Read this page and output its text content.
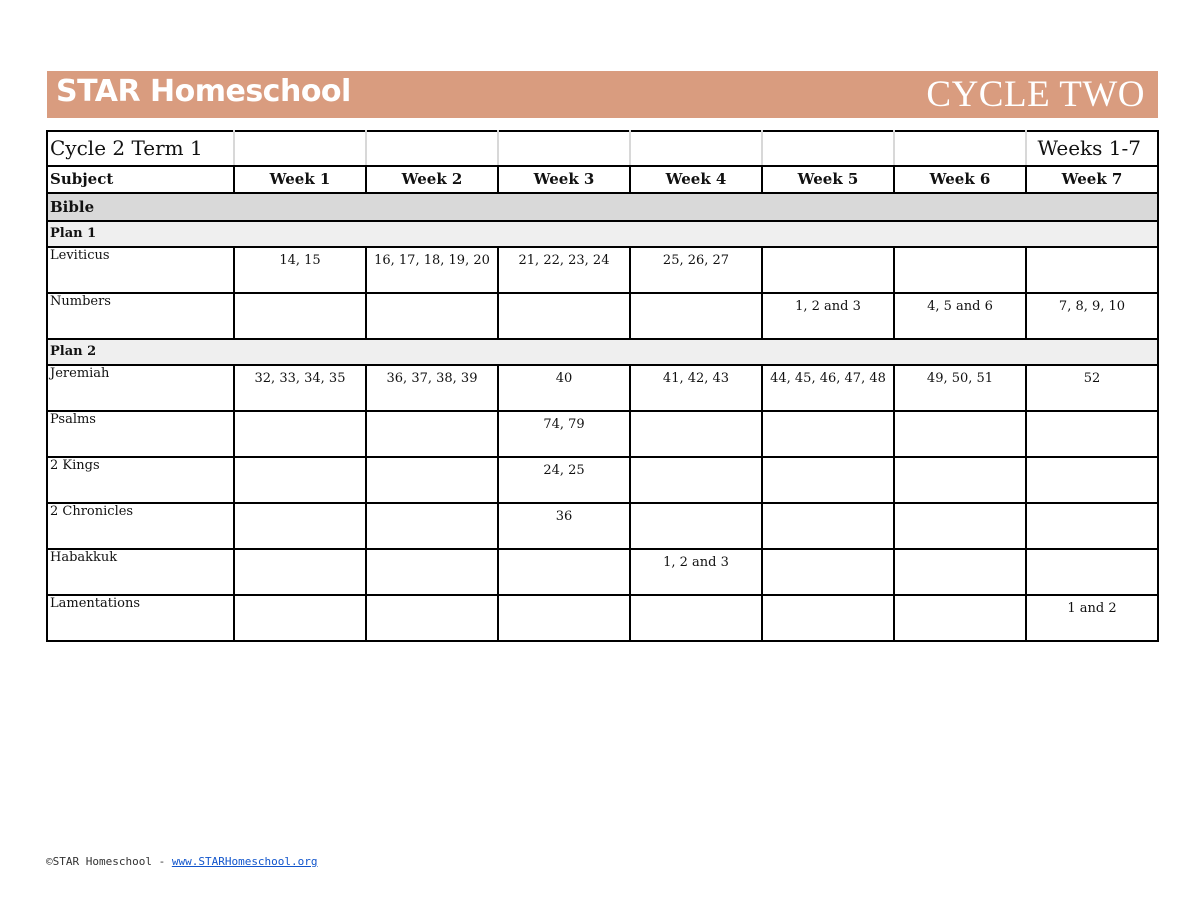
STAR Homeschool	CYCLE TWO
Cycle 2 Term 1							Weeks 1-7
Subject	Week 1	Week 2	Week 3	Week 4	Week 5	Week 6	Week 7
Bible							
Plan 1							
Leviticus	14, 15	16, 17, 18, 19, 20	21, 22, 23, 24	25, 26, 27			
Numbers					1, 2 and 3	4, 5 and 6	7, 8, 9, 10
Plan 2							
Jeremiah	32, 33, 34, 35	36, 37, 38, 39	40	41, 42, 43	44, 45, 46, 47, 48	49, 50, 51	52
Psalms			74, 79				
2 Kings			24, 25				
2 Chronicles			36				
Habakkuk				1, 2 and 3			
Lamentations							1 and 2
©STAR Homeschool - www.STARHomeschool.org
